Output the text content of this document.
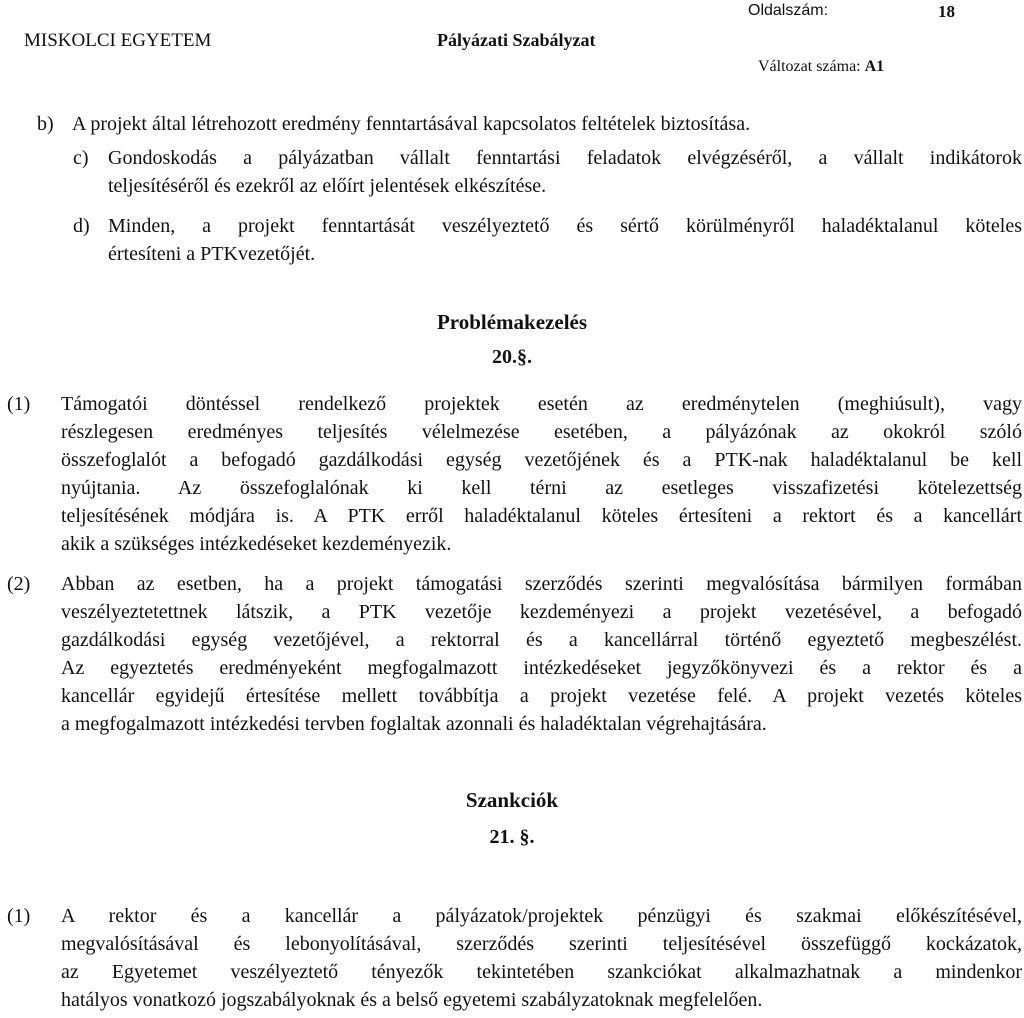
MISKOLCI EGYETEM	Pályázati Szabályzat
Oldalszám:	18
Változat száma: A1
b) A projekt által létrehozott eredmény fenntartásával kapcsolatos feltételek biztosítása.
c) Gondoskodás a pályázatban vállalt fenntartási feladatok elvégzéséről, a vállalt indikátorok
teljesítéséről és ezekről az előírt jelentések elkészítése.
d) Minden, a projekt fenntartását veszélyeztető és sértő körülményről haladéktalanul köteles
értesíteni a PTKvezetőjét.
Problémakezelés
20.§.
(1) Támogatói döntéssel rendelkező projektek esetén az eredménytelen (meghiúsult), vagy
részlegesen eredményes teljesítés vélelmezése esetében, a pályázónak az okokról szóló
összefoglalót a befogadó gazdálkodási egység vezetőjének és a PTK-nak haladéktalanul be kell
nyújtania. Az összefoglalónak ki kell térni az esetleges visszafizetési kötelezettség
teljesítésének módjára is. A PTK erről haladéktalanul köteles értesíteni a rektort és a kancellárt
akik a szükséges intézkedéseket kezdeményezik.
(2) Abban az esetben, ha a projekt támogatási szerződés szerinti megvalósítása bármilyen formában
veszélyeztetettnek látszik, a PTK vezetője kezdeményezi a projekt vezetésével, a befogadó
gazdálkodási egység vezetőjével, a rektorral és a kancellárral történő egyeztető megbeszélést.
Az egyeztetés eredményeként megfogalmazott intézkedéseket jegyzőkönyvezi és a rektor és a
kancellár egyidejű értesítése mellett továbbítja a projekt vezetése felé. A projekt vezetés köteles
a megfogalmazott intézkedési tervben foglaltak azonnali és haladéktalan végrehajtására.
Szankciók
21. §.
(1) A rektor és a kancellár a pályázatok/projektek pénzügyi és szakmai előkészítésével,
megvalósításával és lebonyolításával, szerződés szerinti teljesítésével összefüggő kockázatok,
az Egyetemet veszélyeztető tényezők tekintetében szankciókat alkalmazhatnak a mindenkor
hatályos vonatkozó jogszabályoknak és a belső egyetemi szabályzatoknak megfelelően.
